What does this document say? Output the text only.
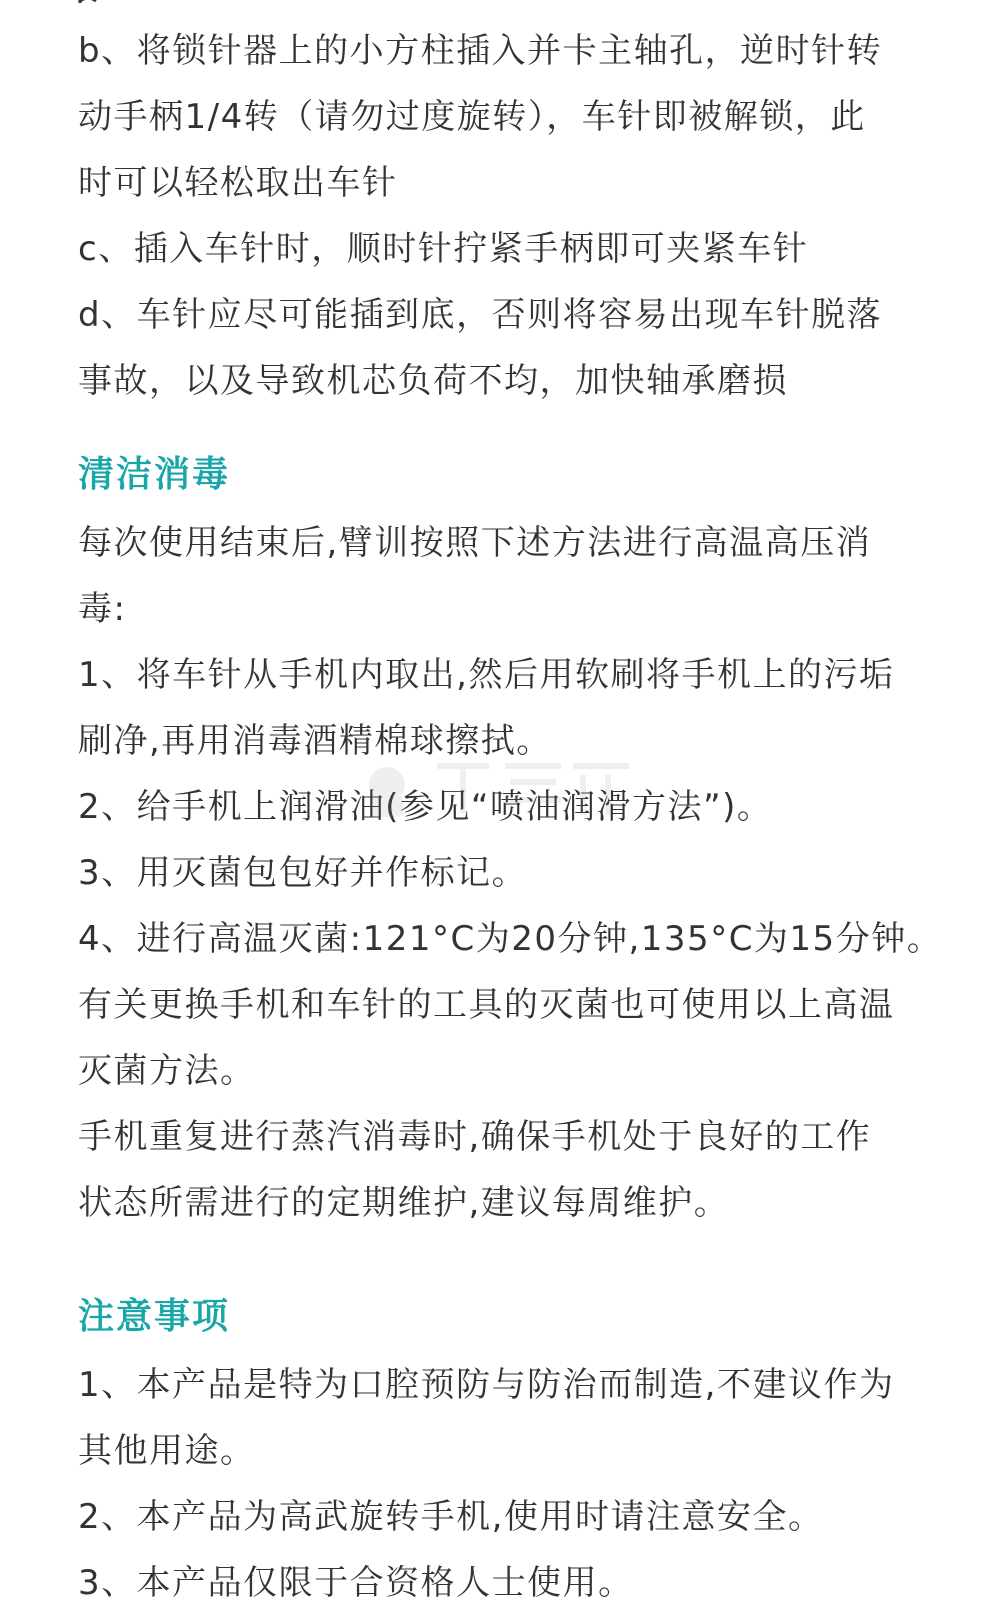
b、将锁针器上的小方柱插入并卡主轴孔，逆时针转
动手柄1/4转（请勿过度旋转），车针即被解锁，此
时可以轻松取出车针
c、插入车针时，顺时针拧紧手柄即可夹紧车针
d、车针应尽可能插到底，否则将容易出现车针脱落
事故，以及导致机芯负荷不均，加快轴承磨损
清洁消毒
每次使用结束后,臂训按照下述方法进行高温高压消
毒:
1、将车针从手机内取出,然后用软刷将手机上的污垢
刷净,再用消毒酒精棉球擦拭。
2、给手机上润滑油(参见“喷油润滑方法”)。
3、用灭菌包包好并作标记。
4、进行高温灭菌:121°C为20分钟,135°C为15分钟。
有关更换手机和车针的工具的灭菌也可使用以上高温
灭菌方法。
手机重复进行蒸汽消毒时,确保手机处于良好的工作
状态所需进行的定期维护,建议每周维护。
注意事项
1、本产品是特为口腔预防与防治而制造,不建议作为
其他用途。
2、本产品为高武旋转手机,使用时请注意安全。
3、本产品仅限于合资格人士使用。
